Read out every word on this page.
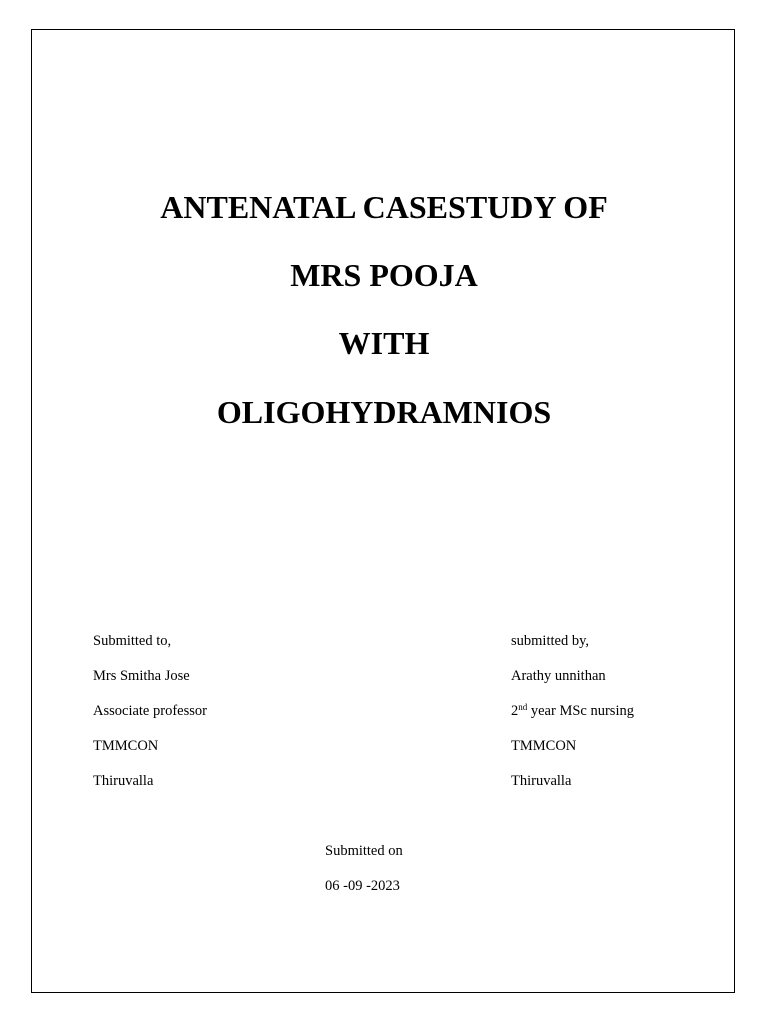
ANTENATAL CASESTUDY OF
MRS POOJA
WITH
OLIGOHYDRAMNIOS
Submitted to,
Mrs Smitha Jose
Associate professor
TMMCON
Thiruvalla
submitted by,
Arathy unnithan
2nd year MSc nursing
TMMCON
Thiruvalla
Submitted on
06 -09 -2023
